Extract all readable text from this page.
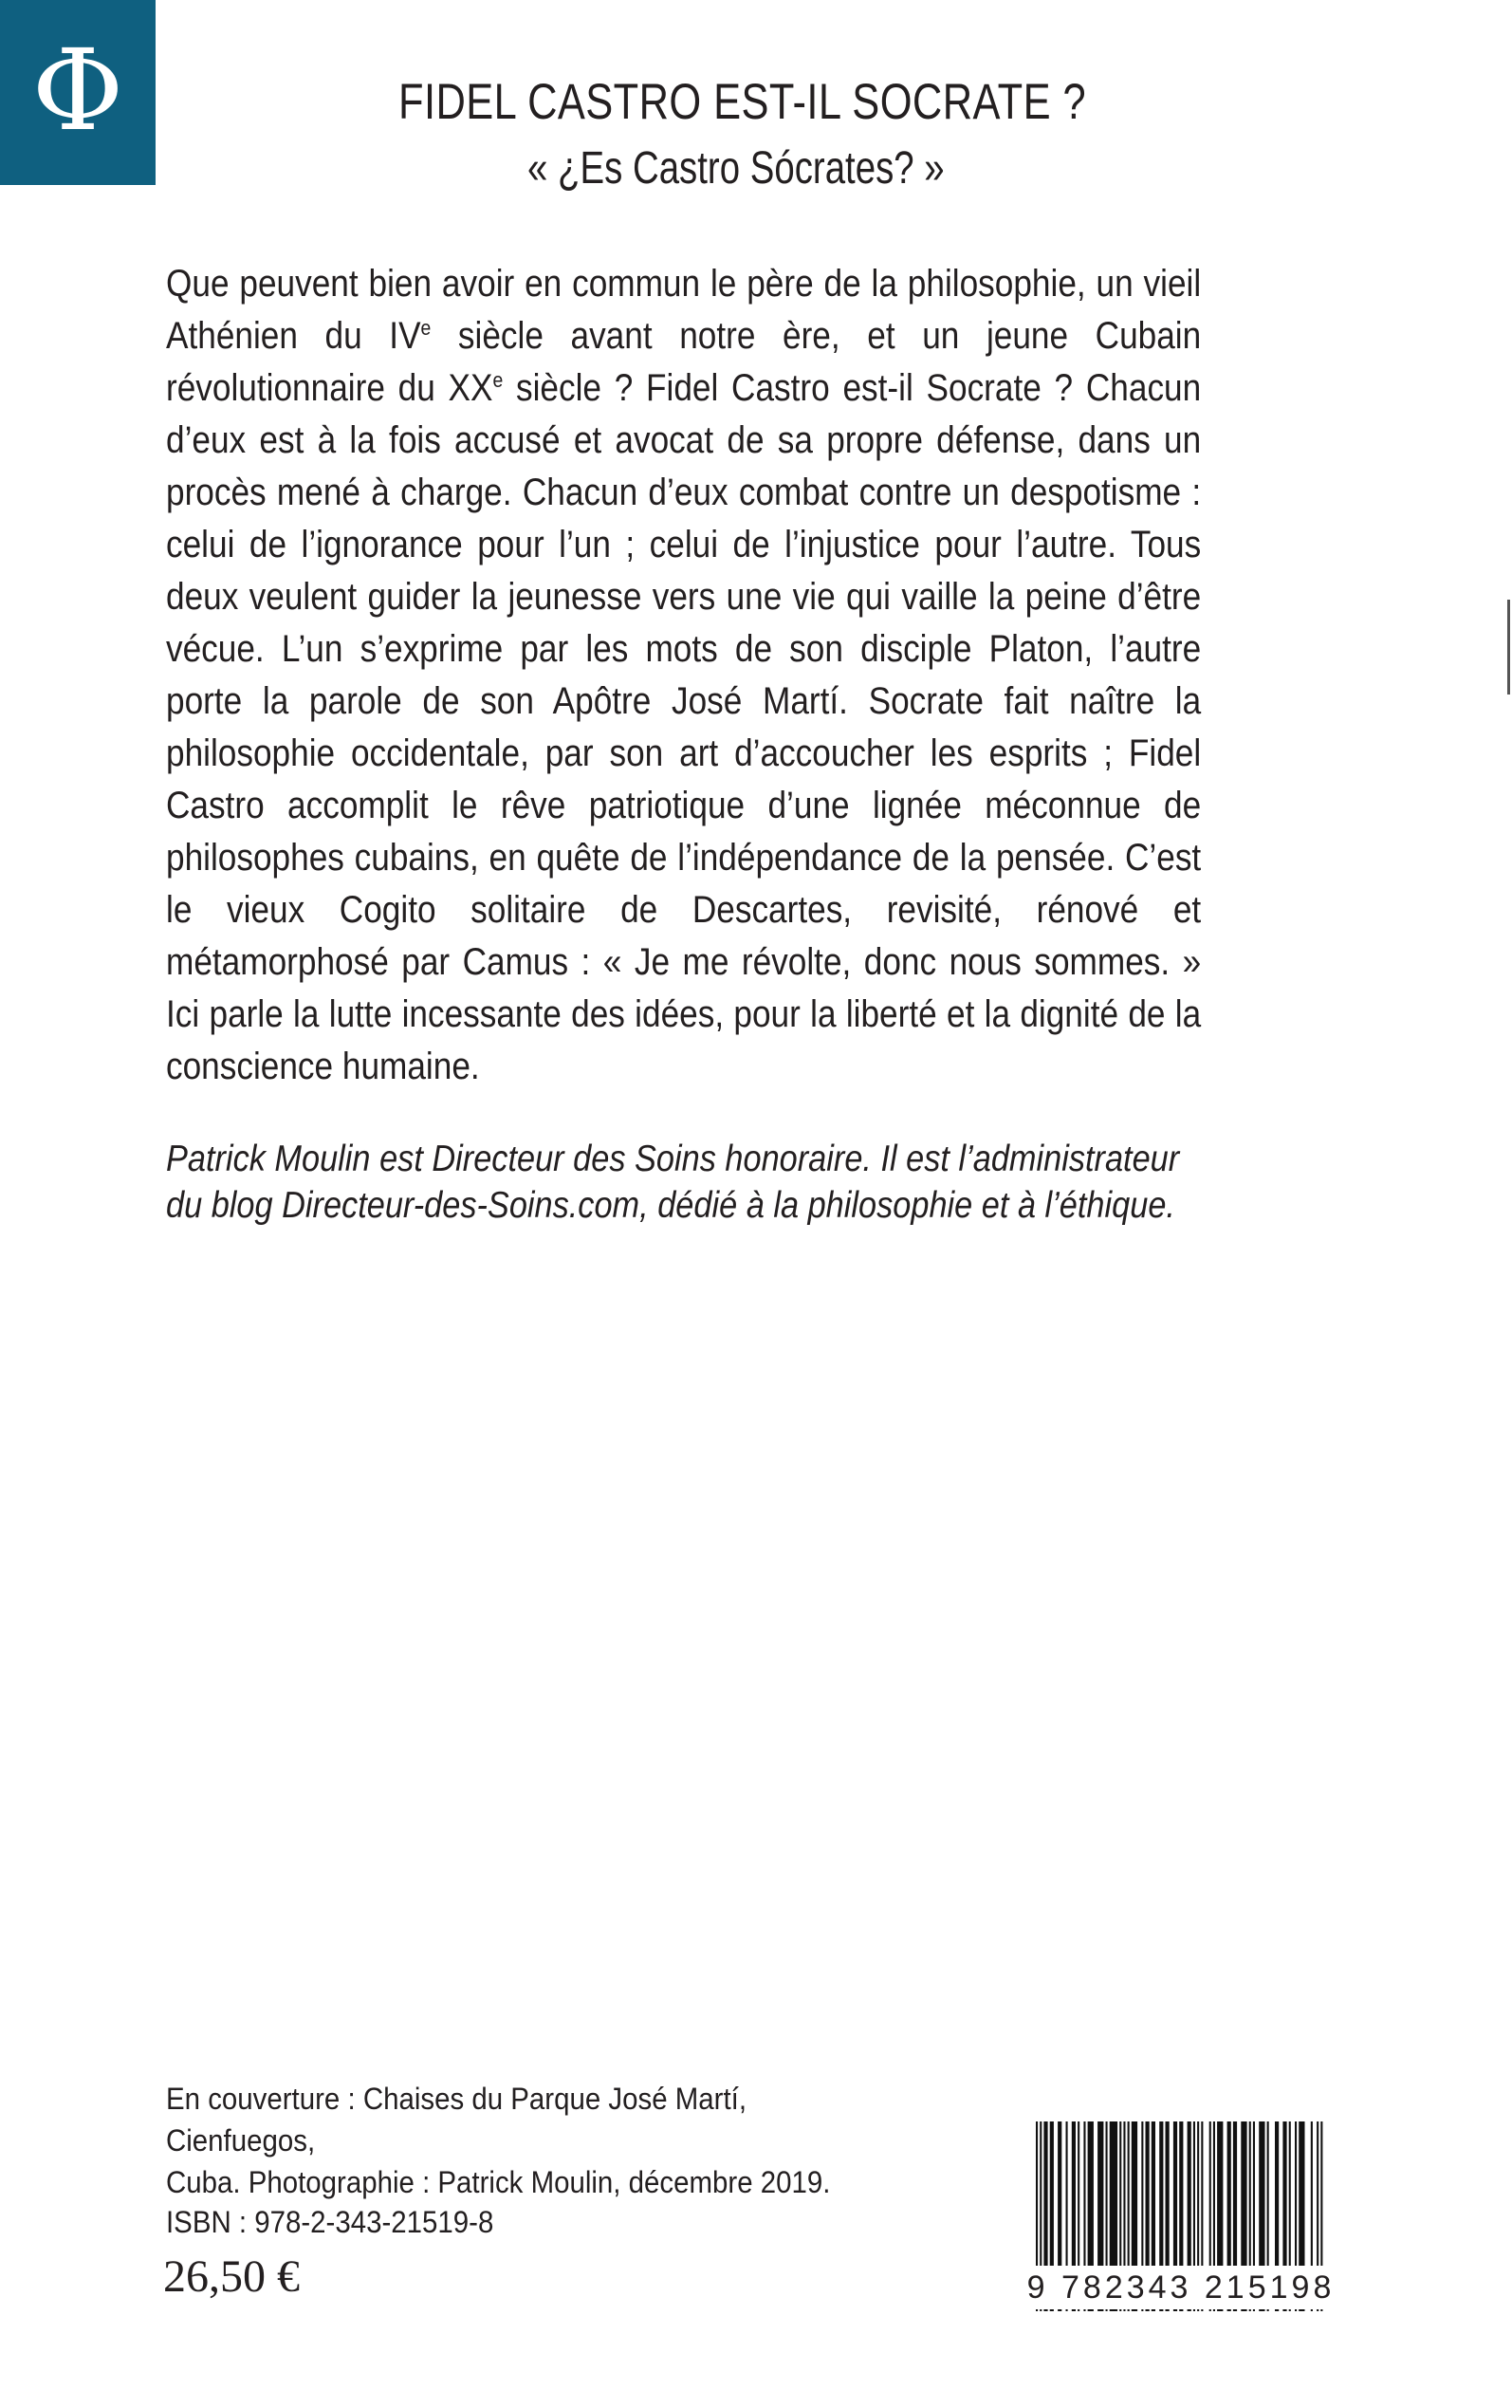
Φ	FIDEL CASTRO EST-IL SOCRATE ?
« ¿Es Castro Sócrates? »

Que peuvent bien avoir en commun le père de la philosophie, un vieil Athénien du IVe siècle avant notre ère, et un jeune Cubain révolutionnaire du XXe siècle ? Fidel Castro est-il Socrate ? Chacun d’eux est à la fois accusé et avocat de sa propre défense, dans un procès mené à charge. Chacun d’eux combat contre un despotisme : celui de l’ignorance pour l’un ; celui de l’injustice pour l’autre. Tous deux veulent guider la jeunesse vers une vie qui vaille la peine d’être vécue. L’un s’exprime par les mots de son disciple Platon, l’autre porte la parole de son Apôtre José Martí. Socrate fait naître la philosophie occidentale, par son art d’accoucher les esprits ; Fidel Castro accomplit le rêve patriotique d’une lignée méconnue de philosophes cubains, en quête de l’indépendance de la pensée. C’est le vieux Cogito solitaire de Descartes, revisité, rénové et métamorphosé par Camus : « Je me révolte, donc nous sommes. » Ici parle la lutte incessante des idées, pour la liberté et la dignité de la conscience humaine.

Patrick Moulin est Directeur des Soins honoraire. Il est l’administrateur du blog Directeur-des-Soins.com, dédié à la philosophie et à l’éthique.
En couverture : Chaises du Parque José Martí, Cienfuegos,
Cuba. Photographie : Patrick Moulin, décembre 2019.
ISBN : 978-2-343-21519-8
26,50 €	9 782343 215198
